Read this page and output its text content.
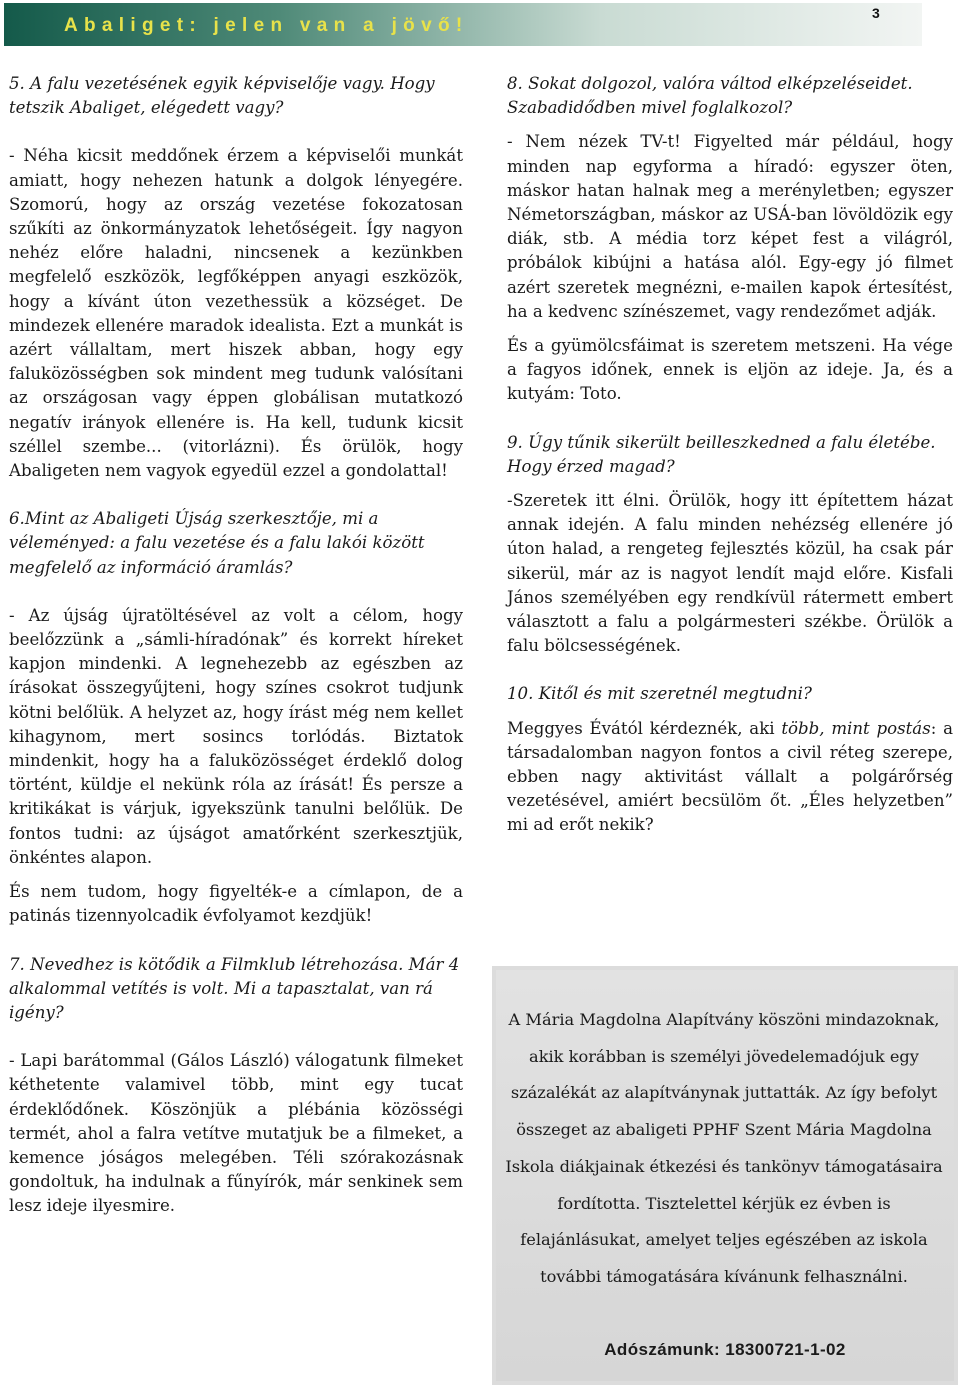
Abaliget: jelen van a jövő!
3

5. A falu vezetésének egyik képviselője vagy. Hogy tetszik Abaliget, elégedett vagy?

- Néha kicsit meddőnek érzem a képviselői munkát amiatt, hogy nehezen hatunk a dolgok lényegére. Szomorú, hogy az ország vezetése fokozatosan szűkíti az önkormányzatok lehetőségeit. Így nagyon nehéz előre haladni, nincsenek a kezünkben megfelelő eszközök, legfőképpen anyagi eszközök, hogy a kívánt úton vezethessük a községet. De mindezek ellenére maradok idealista. Ezt a munkát is azért vállaltam, mert hiszek abban, hogy egy faluközösségben sok mindent meg tudunk valósítani az országosan vagy éppen globálisan mutatkozó negatív irányok ellenére is. Ha kell, tudunk kicsit széllel szembe... (vitorlázni). És örülök, hogy Abaligeten nem vagyok egyedül ezzel a gondolattal!

6.Mint az Abaligeti Újság szerkesztője, mi a véleményed: a falu vezetése és a falu lakói között megfelelő az információ áramlás?

- Az újság újratöltésével az volt a célom, hogy beelőzzünk a „sámli-híradónak” és korrekt híreket kapjon mindenki. A legnehezebb az egészben az írásokat összegyűjteni, hogy színes csokrot tudjunk kötni belőlük. A helyzet az, hogy írást még nem kellet kihagynom, mert sosincs torlódás. Biztatok mindenkit, hogy ha a faluközösséget érdeklő dolog történt, küldje el nekünk róla az írását! És persze a kritikákat is várjuk, igyekszünk tanulni belőlük. De fontos tudni: az újságot amatőrként szerkesztjük, önkéntes alapon.

És nem tudom, hogy figyelték-e a címlapon, de a patinás tizennyolcadik évfolyamot kezdjük!

7. Nevedhez is kötődik a Filmklub létrehozása. Már 4 alkalommal vetítés is volt. Mi a tapasztalat, van rá igény?

- Lapi barátommal (Gálos László) válogatunk filmeket kéthetente valamivel több, mint egy tucat érdeklődőnek. Köszönjük a plébánia közösségi termét, ahol a falra vetítve mutatjuk be a filmeket, a kemence jóságos melegében. Téli szórakozásnak gondoltuk, ha indulnak a fűnyírók, már senkinek sem lesz ideje ilyesmire.

8. Sokat dolgozol, valóra váltod elképzeléseidet. Szabadidődben mivel foglalkozol?

- Nem nézek TV-t! Figyelted már például, hogy minden nap egyforma a híradó: egyszer öten, máskor hatan halnak meg a merényletben; egyszer Németországban, máskor az USÁ-ban lövöldözik egy diák, stb. A média torz képet fest a világról, próbálok kibújni a hatása alól. Egy-egy jó filmet azért szeretek megnézni, e-mailen kapok értesítést, ha a kedvenc színészemet, vagy rendezőmet adják.

És a gyümölcsfáimat is szeretem metszeni. Ha vége a fagyos időnek, ennek is eljön az ideje. Ja, és a kutyám: Toto.

9. Úgy tűnik sikerült beilleszkedned a falu életébe. Hogy érzed magad?

-Szeretek itt élni. Örülök, hogy itt építettem házat annak idején. A falu minden nehézség ellenére jó úton halad, a rengeteg fejlesztés közül, ha csak pár sikerül, már az is nagyot lendít majd előre. Kisfali János személyében egy rendkívül rátermett embert választott a falu a polgármesteri székbe. Örülök a falu bölcsességének.

10. Kitől és mit szeretnél megtudni?

Meggyes Évától kérdeznék, aki több, mint postás: a társadalomban nagyon fontos a civil réteg szerepe, ebben nagy aktivitást vállalt a polgárőrség vezetésével, amiért becsülöm őt. „Éles helyzetben” mi ad erőt nekik?

A Mária Magdolna Alapítvány köszöni mindazoknak, akik korábban is személyi jövedelemadójuk egy százalékát az alapítványnak juttatták. Az így befolyt összeget az abaligeti PPHF Szent Mária Magdolna Iskola diákjainak étkezési és tankönyv támogatásaira fordította. Tisztelettel kérjük ez évben is felajánlásukat, amelyet teljes egészében az iskola további támogatására kívánunk felhasználni.
Adószámunk: 18300721-1-02
